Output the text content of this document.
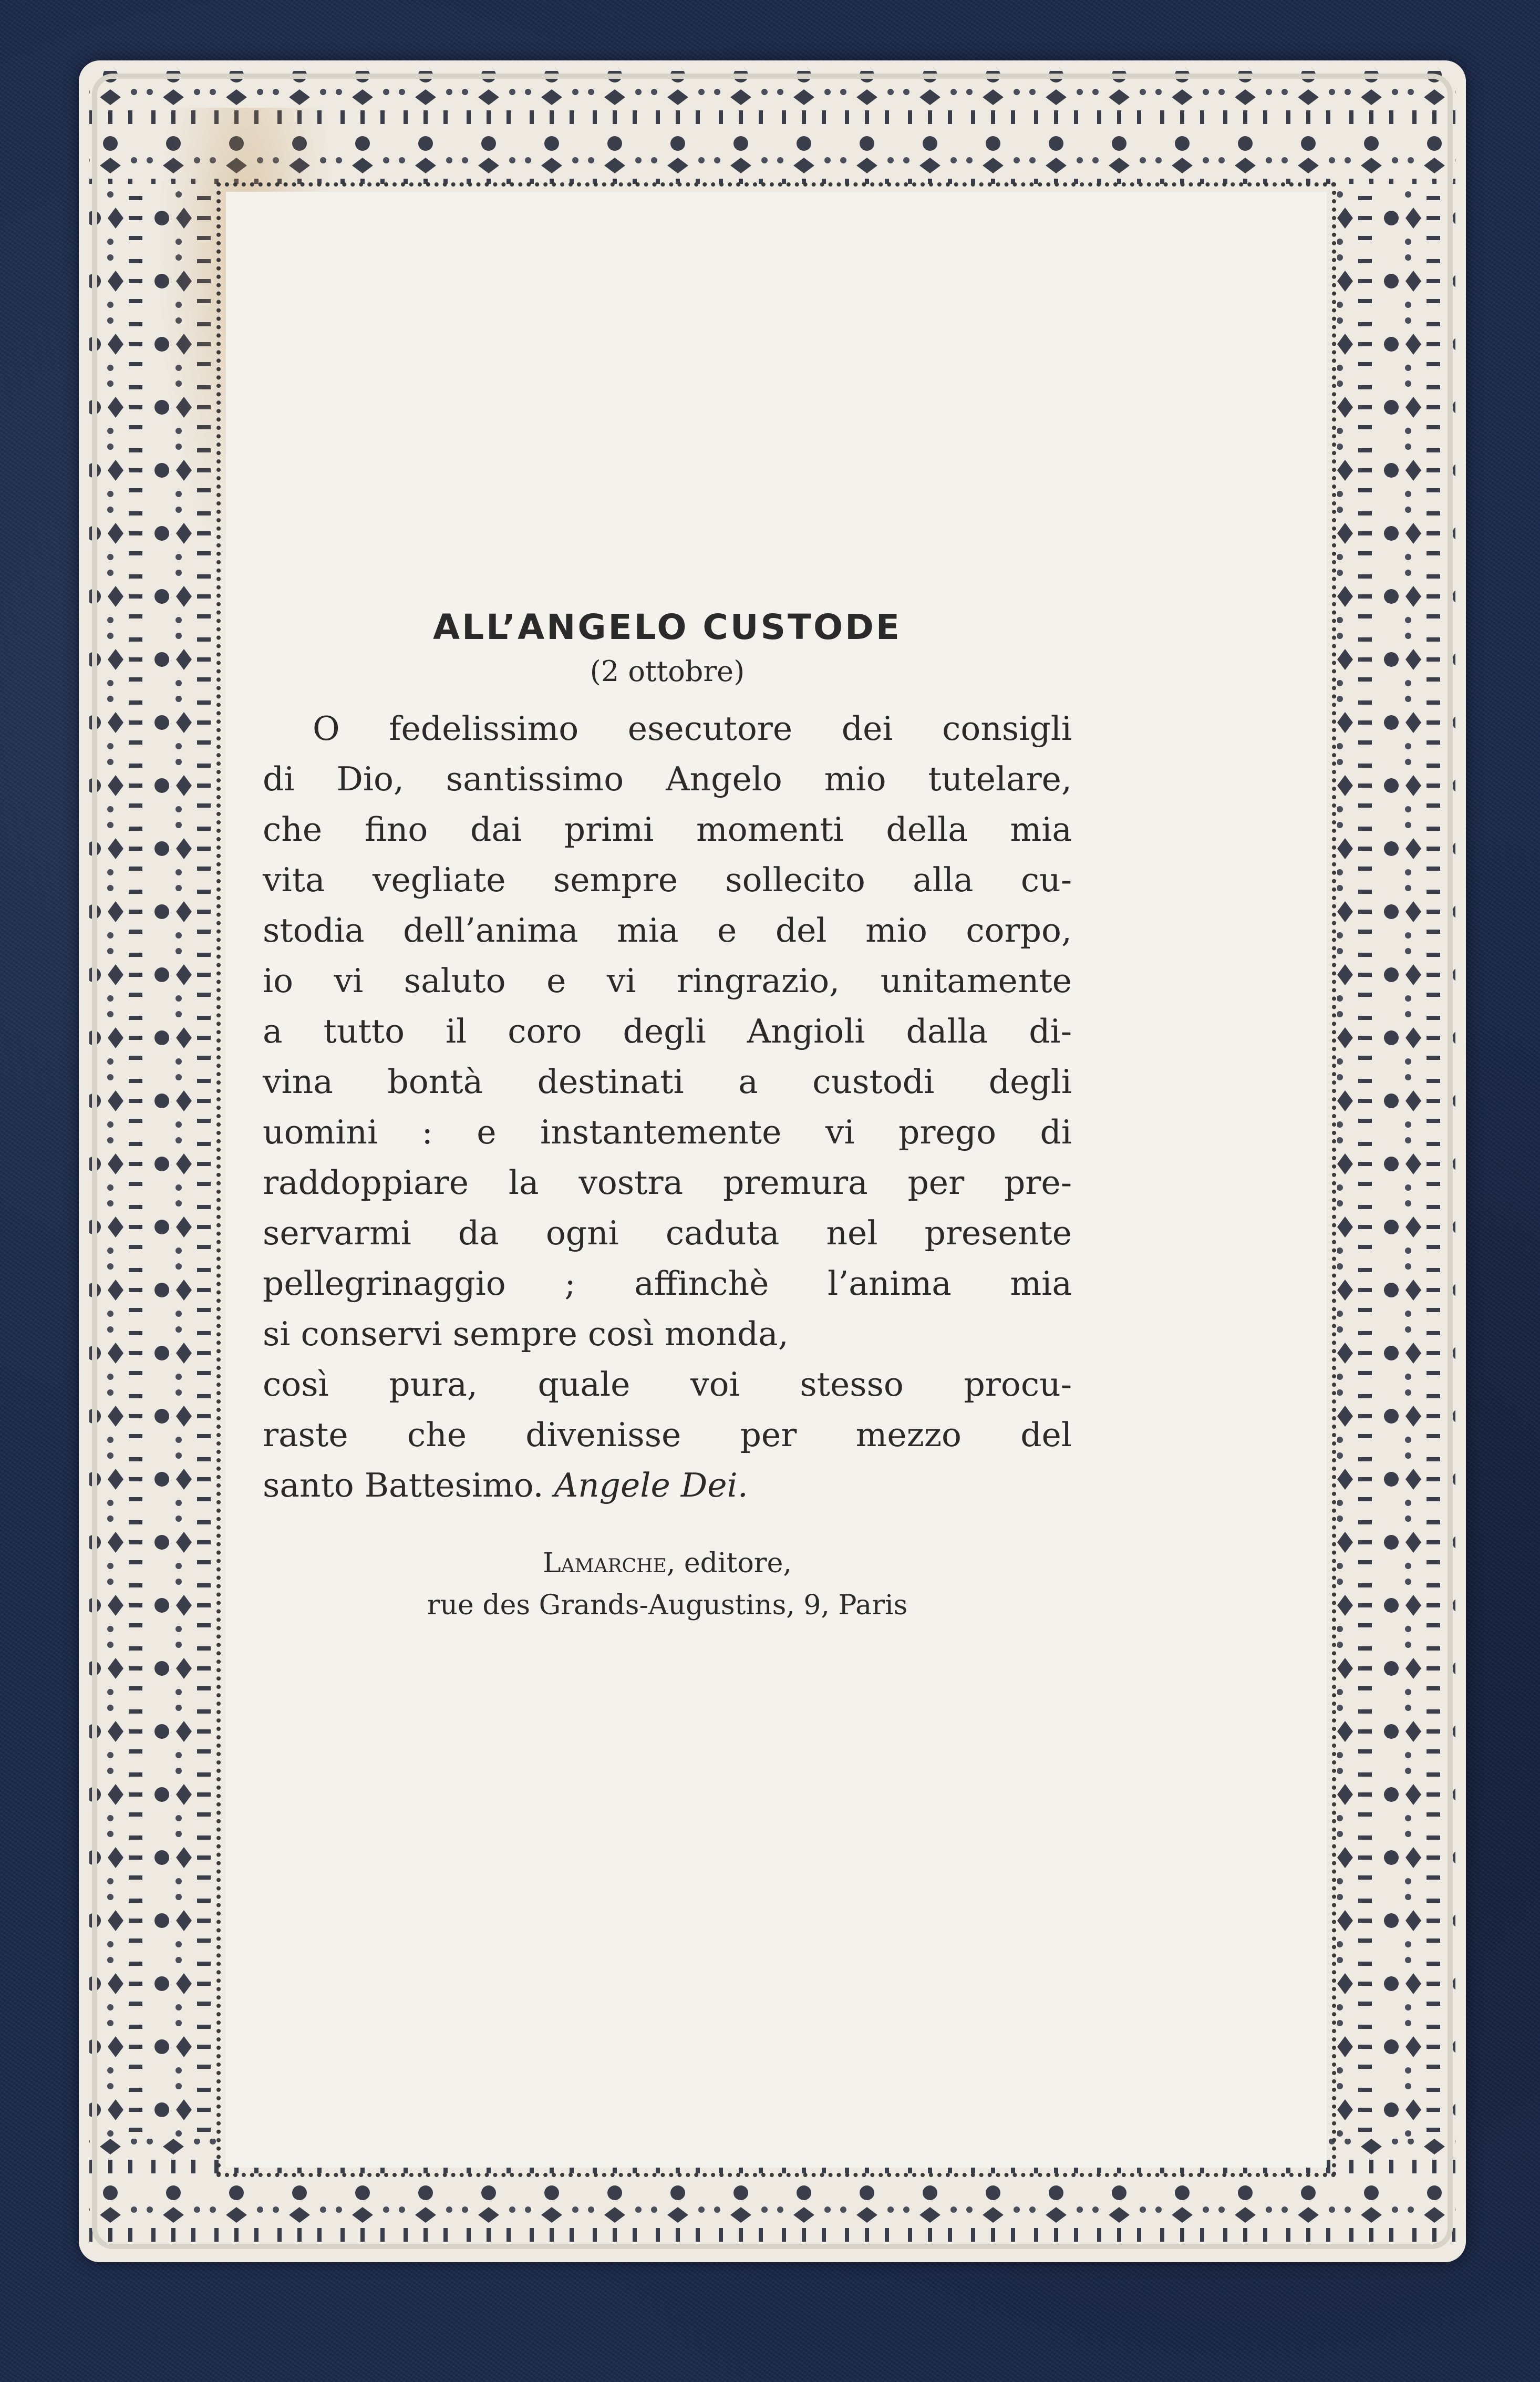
ALL’ANGELO CUSTODE
(2 ottobre)
O fedelissimo esecutore dei consigli
di Dio, santissimo Angelo mio tutelare,
che fino dai primi momenti della mia
vita vegliate sempre sollecito alla cu-
stodia dell’anima mia e del mio corpo,
io vi saluto e vi ringrazio, unitamente
a tutto il coro degli Angioli dalla di-
vina bontà destinati a custodi degli
uomini : e instantemente vi prego di
raddoppiare la vostra premura per pre-
servarmi da ogni caduta nel presente
pellegrinaggio ; affinchè l’anima mia
si conservi sempre così monda,
così pura, quale voi stesso procu-
raste che divenisse per mezzo del
santo Battesimo. Angele Dei.
Lamarche, editore,
rue des Grands-Augustins, 9, Paris
